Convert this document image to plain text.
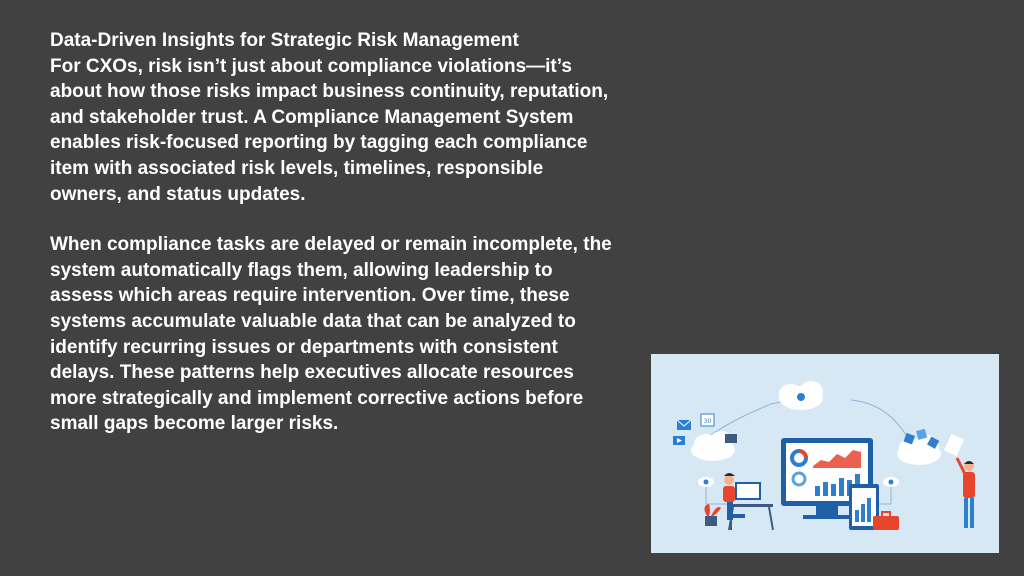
Data-Driven Insights for Strategic Risk Management

For CXOs, risk isn’t just about compliance violations—it’s about how those risks impact business continuity, reputation, and stakeholder trust. A Compliance Management System enables risk-focused reporting by tagging each compliance item with associated risk levels, timelines, responsible owners, and status updates.

When compliance tasks are delayed or remain incomplete, the system automatically flags them, allowing leadership to assess which areas require intervention. Over time, these systems accumulate valuable data that can be analyzed to identify recurring issues or departments with consistent delays. These patterns help executives allocate resources more strategically and implement corrective actions before small gaps become larger risks.	30
